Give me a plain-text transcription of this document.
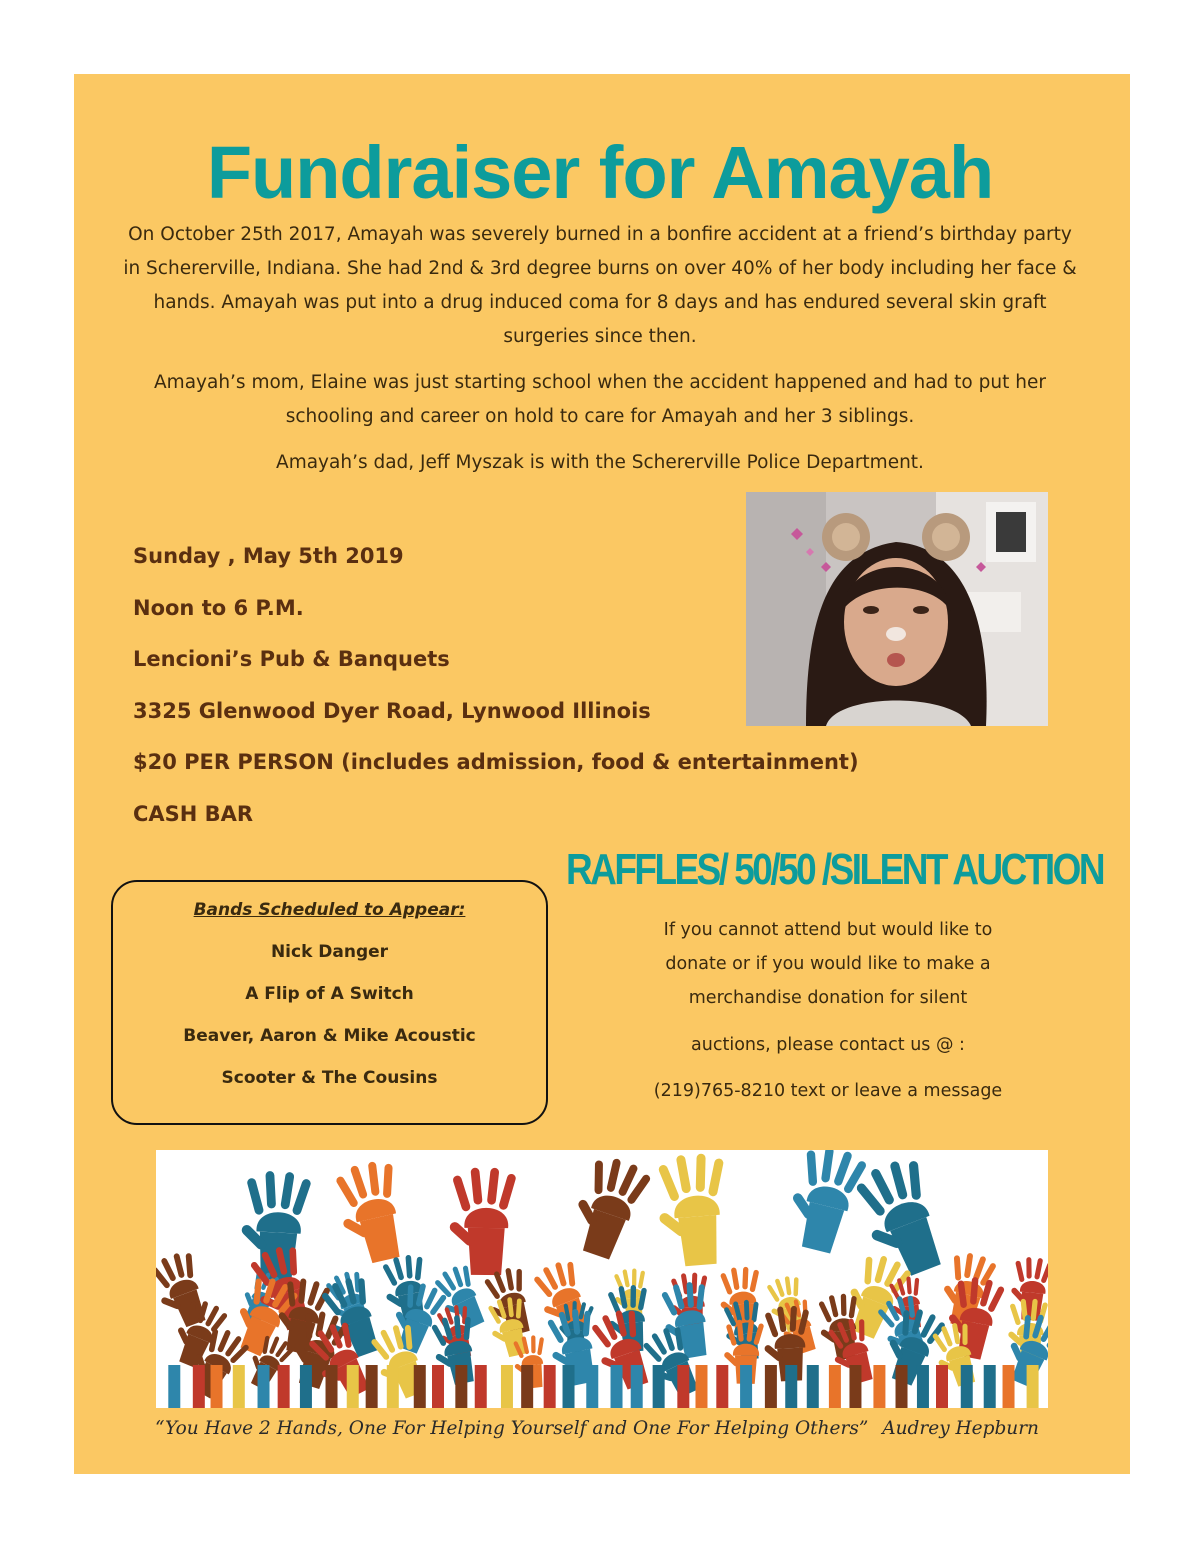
Fundraiser for Amayah

On October 25th 2017, Amayah was severely burned in a bonfire accident at a friend’s birthday party in Schererville, Indiana. She had 2nd & 3rd degree burns on over 40% of her body including her face & hands. Amayah was put into a drug induced coma for 8 days and has endured several skin graft surgeries since then.

Amayah’s mom, Elaine was just starting school when the accident happened and had to put her schooling and career on hold to care for Amayah and her 3 siblings.

Amayah’s dad, Jeff Myszak is with the Schererville Police Department.

Sunday , May 5th 2019
Noon to 6 P.M.
Lencioni’s Pub & Banquets
3325 Glenwood Dyer Road, Lynwood Illinois
$20 PER PERSON (includes admission, food & entertainment)
CASH BAR
RAFFLES/ 50/50 /SILENT AUCTION
Bands Scheduled to Appear:
Nick Danger
A Flip of A Switch
Beaver, Aaron & Mike Acoustic
Scooter & The Cousins
If you cannot attend but would like to
donate or if you would like to make a
merchandise donation for silent
auctions, please contact us @ :
(219)765-8210 text or leave a message
“You Have 2 Hands, One For Helping Yourself and One For Helping Others” Audrey Hepburn
